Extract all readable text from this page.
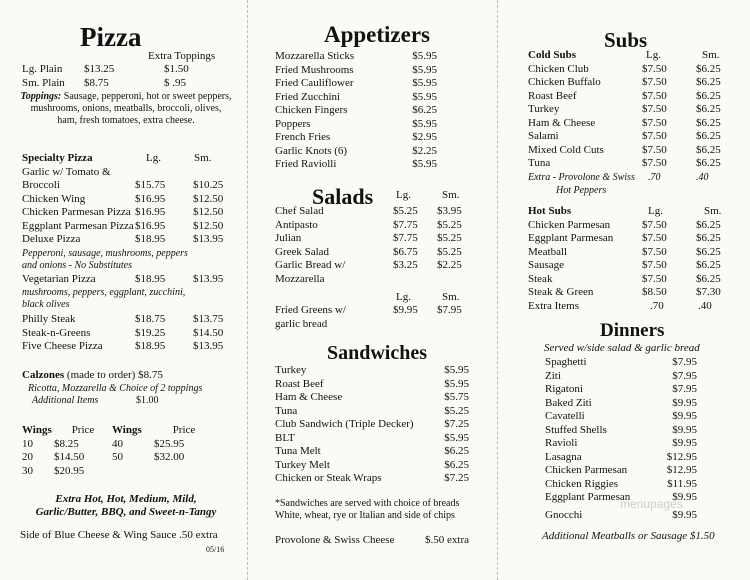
Pizza
Extra Toppings
Lg. Plain	$13.25	$1.50
Sm. Plain	$8.75	$ .95
Toppings: Sausage, pepperoni, hot or sweet peppers, mushrooms, onions, meatballs, broccoli, olives, ham, fresh tomatoes, extra cheese.
Specialty Pizza	Lg.	Sm.
Garlic w/ Tomato &
Broccoli	$15.75	$10.25
Chicken Wing	$16.95	$12.50
Chicken Parmesan Pizza $16.95	$12.50
Eggplant Parmesan Pizza $16.95	$12.50
Deluxe Pizza	$18.95	$13.95
Pepperoni, sausage, mushrooms, peppers and onions - No Substitutes
Vegetarian Pizza	$18.95	$13.95
mushrooms, peppers, eggplant, zucchini, black olives
Philly Steak	$18.75	$13.75
Steak-n-Greens	$19.25	$14.50
Five Cheese Pizza	$18.95	$13.95
Calzones
(made to order)
$8.75
Ricotta, Mozzarella & Choice of 2 toppings
Additional Items	$1.00
Wings	Price	Wings	Price
10	$8.25	40	$25.95
20	$14.50	50	$32.00
30	$20.95
Extra Hot, Hot, Medium, Mild,
Garlic/Butter, BBQ, and Sweet-n-Tangy
Side of Blue Cheese & Wing Sauce .50 extra
05/16
Appetizers
Mozzarella Sticks	$5.95
Fried Mushrooms	$5.95
Fried Cauliflower	$5.95
Fried Zucchini	$5.95
Chicken Fingers	$6.25
Poppers	$5.95
French Fries	$2.95
Garlic Knots (6)	$2.25
Fried Raviolli	$5.95
Salads Lg.	Sm.
Chef Salad	$5.25	$3.95
Antipasto	$7.75	$5.25
Julian	$7.75	$5.25
Greek Salad	$6.75	$5.25
Garlic Bread w/	$3.25	$2.25
Mozzarella
Lg.	Sm.
Fried Greens w/	$9.95	$7.95
garlic bread
Sandwiches
Turkey	$5.95
Roast Beef	$5.95
Ham & Cheese	$5.75
Tuna	$5.25
Club Sandwich (Triple Decker)	$7.25
BLT	$5.95
Tuna Melt	$6.25
Turkey Melt	$6.25
Chicken or Steak Wraps	$7.25
*Sandwiches are served with choice of breads
White, wheat, rye or Italian and side of chips
Provolone & Swiss Cheese	$.50 extra
Subs
Cold Subs	Lg.	Sm.
Chicken Club	$7.50	$6.25
Chicken Buffalo	$7.50	$6.25
Roast Beef	$7.50	$6.25
Turkey	$7.50	$6.25
Ham & Cheese	$7.50	$6.25
Salami	$7.50	$6.25
Mixed Cold Cuts	$7.50	$6.25
Tuna	$7.50	$6.25
Extra - Provolone & Swiss	.70	.40
Hot Peppers
Hot Subs	Lg.	Sm.
Chicken Parmesan	$7.50	$6.25
Eggplant Parmesan	$7.50	$6.25
Meatball	$7.50	$6.25
Sausage	$7.50	$6.25
Steak	$7.50	$6.25
Steak & Green	$8.50	$7.30
Extra Items	.70	.40
Dinners
Served w/side salad & garlic bread
Spaghetti	$7.95
Ziti	$7.95
Rigatoni	$7.95
Baked Ziti	$9.95
Cavatelli	$9.95
Stuffed Shells	$9.95
Ravioli	$9.95
Lasagna	$12.95
Chicken Parmesan	$12.95
Chicken Riggies	$11.95
Eggplant Parmesan	$9.95
Gnocchi	$9.95
Additional Meatballs or Sausage $1.50
menupages
